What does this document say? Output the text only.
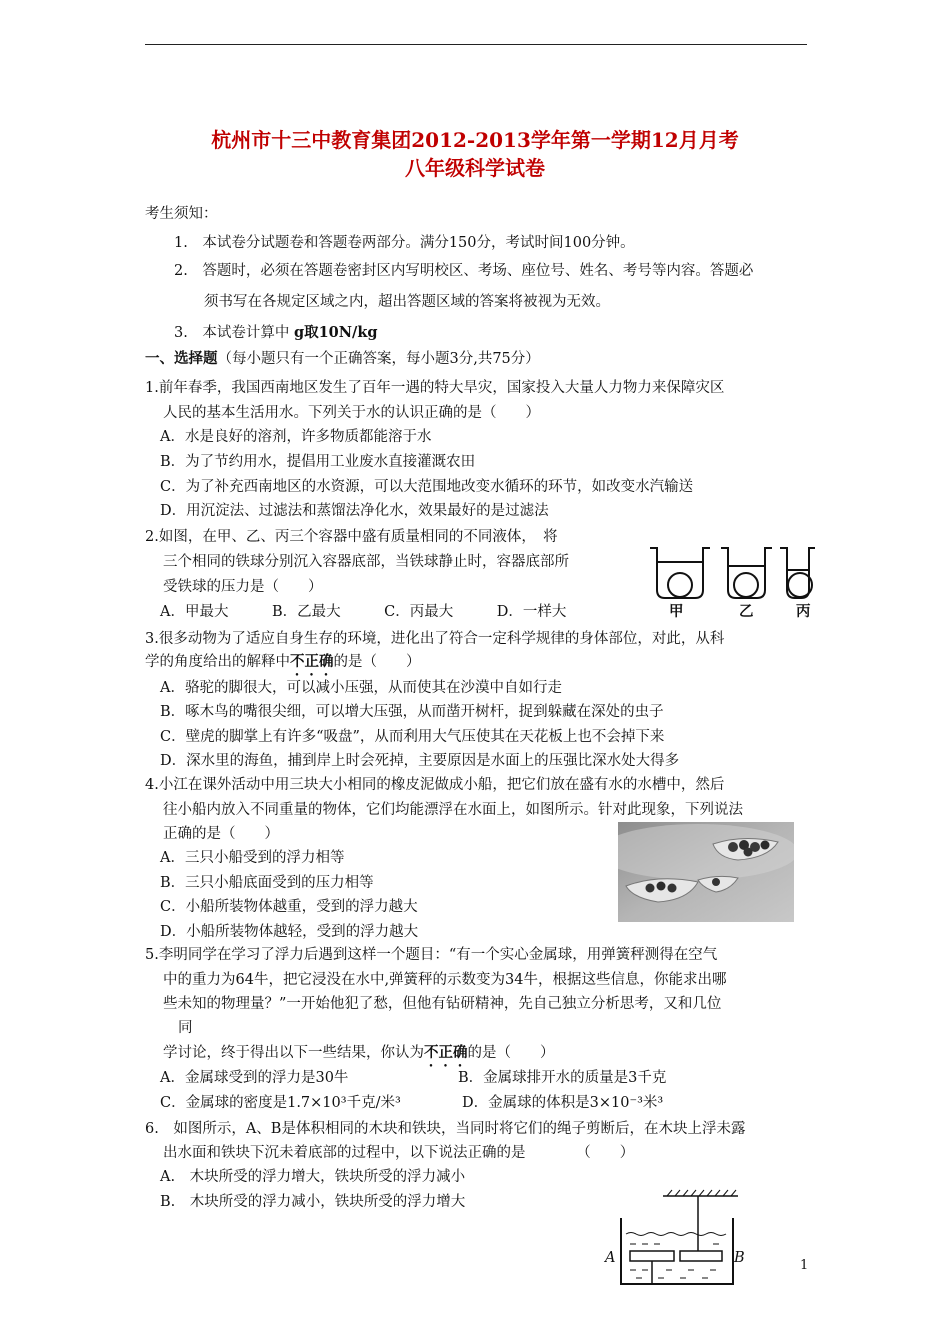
杭州市十三中教育集团2012-2013学年第一学期12月月考
八年级科学试卷
考生须知：
1.　本试卷分试题卷和答题卷两部分。满分150分，考试时间100分钟。
2.　答题时，必须在答题卷密封区内写明校区、考场、座位号、姓名、考号等内容。答题必
须书写在各规定区域之内，超出答题区域的答案将被视为无效。
3.　本试卷计算中 g取10N/kg
一、选择题（每小题只有一个正确答案，每小题3分,共75分）
1.前年春季，我国西南地区发生了百年一遇的特大旱灾，国家投入大量人力物力来保障灾区
人民的基本生活用水。下列关于水的认识正确的是（　　）
A．水是良好的溶剂，许多物质都能溶于水
B．为了节约用水，提倡用工业废水直接灌溉农田
C．为了补充西南地区的水资源，可以大范围地改变水循环的环节，如改变水汽输送
D．用沉淀法、过滤法和蒸馏法净化水，效果最好的是过滤法
2.如图，在甲、乙、丙三个容器中盛有质量相同的不同液体，　将
三个相同的铁球分别沉入容器底部，当铁球静止时，容器底部所
受铁球的压力是（　　）
A．甲最大　　　B．乙最大　　　C．丙最大　　　D．一样大	甲	乙	丙
3.很多动物为了适应自身生存的环境，进化出了符合一定科学规律的身体部位，对此，从科
学的角度给出的解释中不正确的是（　　）
A．骆驼的脚很大，可以减小压强，从而使其在沙漠中自如行走
B．啄木鸟的嘴很尖细，可以增大压强，从而凿开树杆，捉到躲藏在深处的虫子
C．壁虎的脚掌上有许多“吸盘”，从而利用大气压使其在天花板上也不会掉下来
D．深水里的海鱼，捕到岸上时会死掉，主要原因是水面上的压强比深水处大得多
4.小江在课外活动中用三块大小相同的橡皮泥做成小船，把它们放在盛有水的水槽中，然后
往小船内放入不同重量的物体，它们均能漂浮在水面上，如图所示。针对此现象，下列说法
正确的是（　　）
A．三只小船受到的浮力相等
B．三只小船底面受到的压力相等
C．小船所装物体越重，受到的浮力越大
D．小船所装物体越轻，受到的浮力越大
5.李明同学在学习了浮力后遇到这样一个题目：“有一个实心金属球，用弹簧秤测得在空气
中的重力为64牛，把它浸没在水中,弹簧秤的示数变为34牛，根据这些信息，你能求出哪
些未知的物理量？”一开始他犯了愁，但他有钻研精神，先自己独立分析思考，又和几位
同
学讨论，终于得出以下一些结果，你认为不正确的是（　　）
A．金属球受到的浮力是30牛	B．金属球排开水的质量是3千克
C．金属球的密度是1.7×10³千克/米³	D．金属球的体积是3×10⁻³米³
6.　如图所示，A、B是体积相同的木块和铁块，当同时将它们的绳子剪断后，在木块上浮未露
出水面和铁块下沉未着底部的过程中，以下说法正确的是　　　　（　　）
A.　木块所受的浮力增大，铁块所受的浮力减小
B.　木块所受的浮力减小，铁块所受的浮力增大
A	B	1
